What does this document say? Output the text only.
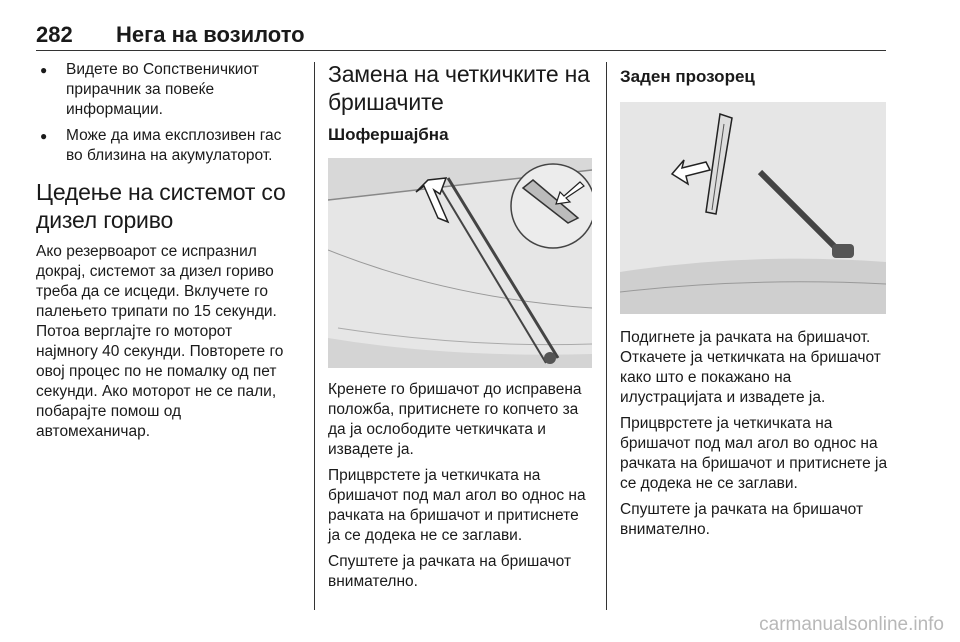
282 Нега на возилото
● Видете во Сопственичкиот прирачник за повеќе информации.
● Може да има експлозивен гас во близина на акумулаторот.
Цедење на системот со дизел гориво

Ако резервоарот се испразнил докрај, системот за дизел гориво треба да се исцеди. Вклучете го палењето трипати по 15 секунди. Потоа верглајте го моторот најмногу 40 секунди. Повторете го овој процес по не помалку од пет секунди. Ако моторот не се пали, побарајте помош од автомеханичар.

Замена на четкичките на бришачите
Шофершајбна

Кренете го бришачот до исправена положба, притиснете го копчето за да ја ослободите четкичката и извадете ја.

Прицврстете ја четкичката на бришачот под мал агол во однос на рачката на бришачот и притиснете ја се додека не се заглави.

Спуштете ја рачката на бришачот внимателно.

Заден прозорец

Подигнете ја рачката на бришачот. Откачете ја четкичката на бришачот како што е покажано на илустрацијата и извадете ја.

Прицврстете ја четкичката на бришачот под мал агол во однос на рачката на бришачот и притиснете ја се додека не се заглави.

Спуштете ја рачката на бришачот внимателно.

carmanualsonline.info
